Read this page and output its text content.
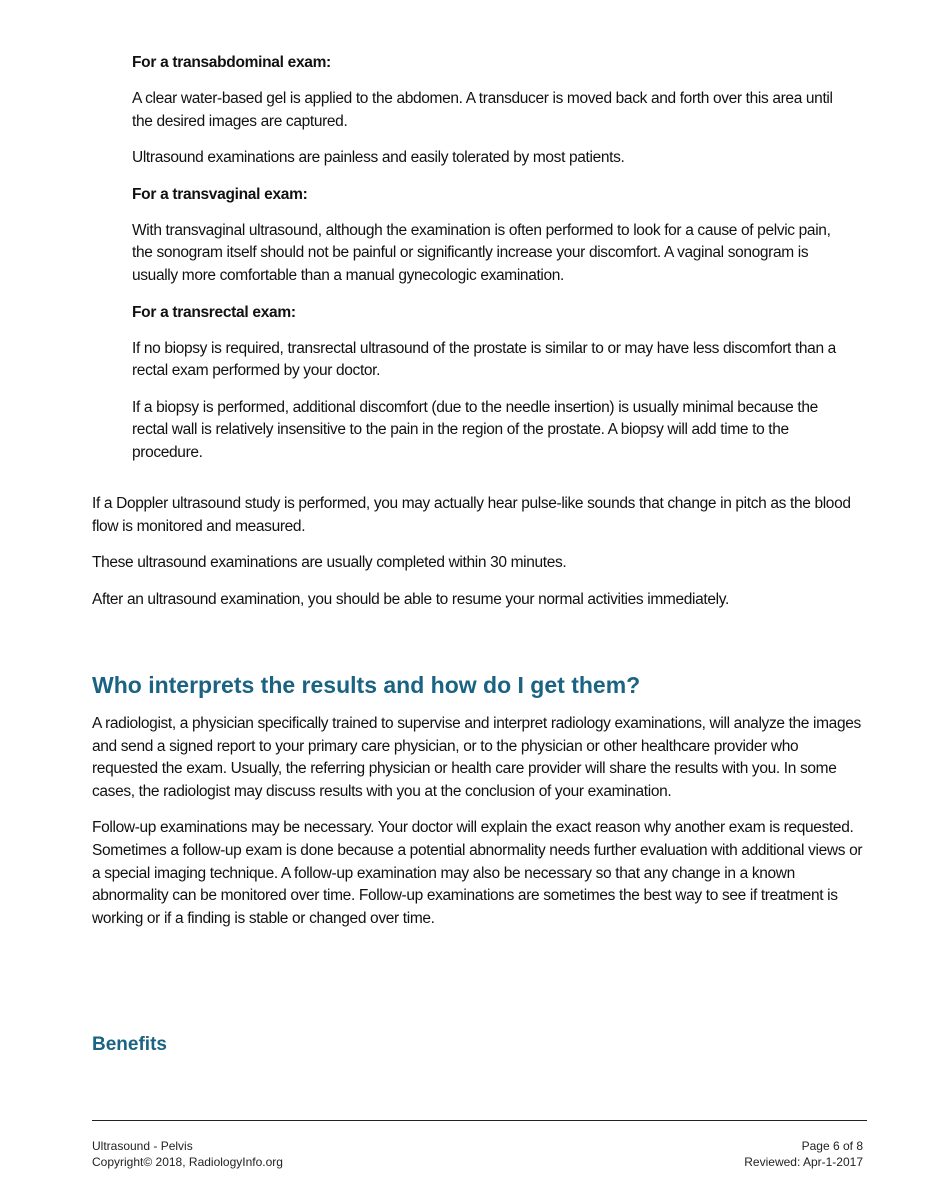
For a transabdominal exam:

A clear water-based gel is applied to the abdomen. A transducer is moved back and forth over this area until the desired images are captured.

Ultrasound examinations are painless and easily tolerated by most patients.

For a transvaginal exam:

With transvaginal ultrasound, although the examination is often performed to look for a cause of pelvic pain, the sonogram itself should not be painful or significantly increase your discomfort. A vaginal sonogram is usually more comfortable than a manual gynecologic examination.

For a transrectal exam:

If no biopsy is required, transrectal ultrasound of the prostate is similar to or may have less discomfort than a rectal exam performed by your doctor.

If a biopsy is performed, additional discomfort (due to the needle insertion) is usually minimal because the rectal wall is relatively insensitive to the pain in the region of the prostate. A biopsy will add time to the procedure.

If a Doppler ultrasound study is performed, you may actually hear pulse-like sounds that change in pitch as the blood flow is monitored and measured.

These ultrasound examinations are usually completed within 30 minutes.

After an ultrasound examination, you should be able to resume your normal activities immediately.

Who interprets the results and how do I get them?

A radiologist, a physician specifically trained to supervise and interpret radiology examinations, will analyze the images and send a signed report to your primary care physician, or to the physician or other healthcare provider who requested the exam. Usually, the referring physician or health care provider will share the results with you. In some cases, the radiologist may discuss results with you at the conclusion of your examination.

Follow-up examinations may be necessary. Your doctor will explain the exact reason why another exam is requested. Sometimes a follow-up exam is done because a potential abnormality needs further evaluation with additional views or a special imaging technique. A follow-up examination may also be necessary so that any change in a known abnormality can be monitored over time. Follow-up examinations are sometimes the best way to see if treatment is working or if a finding is stable or changed over time.

Benefits
Ultrasound - Pelvis	Page 6 of 8
Copyright© 2018, RadiologyInfo.org	Reviewed: Apr-1-2017
